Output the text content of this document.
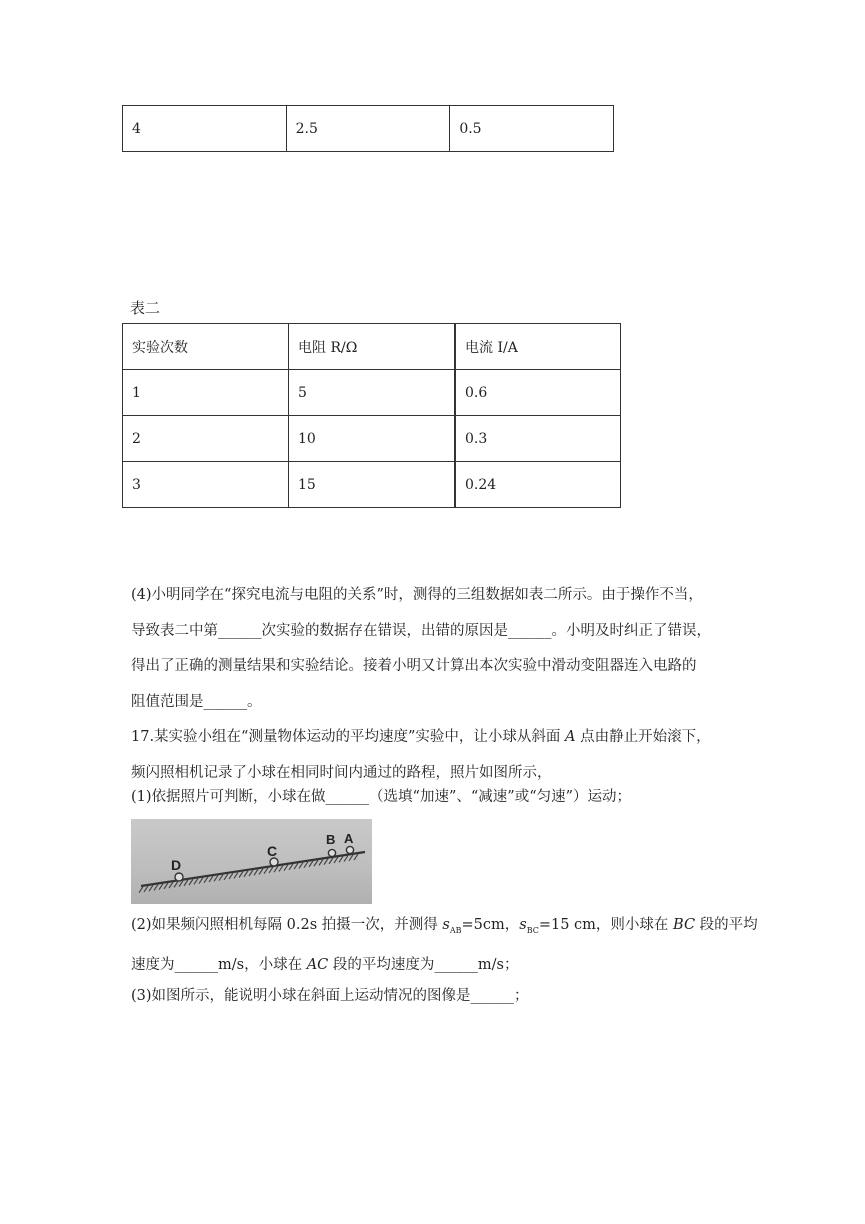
4	2.5	0.5
表二
实验次数	电阻 R/Ω	电流 I/A
1	5	0.6
2	10	0.3
3	15	0.24
(4)小明同学在“探究电流与电阻的关系”时，测得的三组数据如表二所示。由于操作不当，
导致表二中第______次实验的数据存在错误，出错的原因是______。小明及时纠正了错误，
得出了正确的测量结果和实验结论。接着小明又计算出本次实验中滑动变阻器连入电路的
阻值范围是______。
17.某实验小组在“测量物体运动的平均速度”实验中，让小球从斜面 A 点由静止开始滚下，
频闪照相机记录了小球在相同时间内通过的路程，照片如图所示，
(1)依据照片可判断，小球在做______（选填“加速”、“减速”或“匀速”）运动；
D
C
B A
(2)如果频闪照相机每隔 0.2s 拍摄一次，并测得 $s_{AB}=5cm$，$s_{BC}=15$ cm，则小球在 BC 段的平均
速度为______m/s，小球在 AC 段的平均速度为______m/s；
(3)如图所示，能说明小球在斜面上运动情况的图像是______；
